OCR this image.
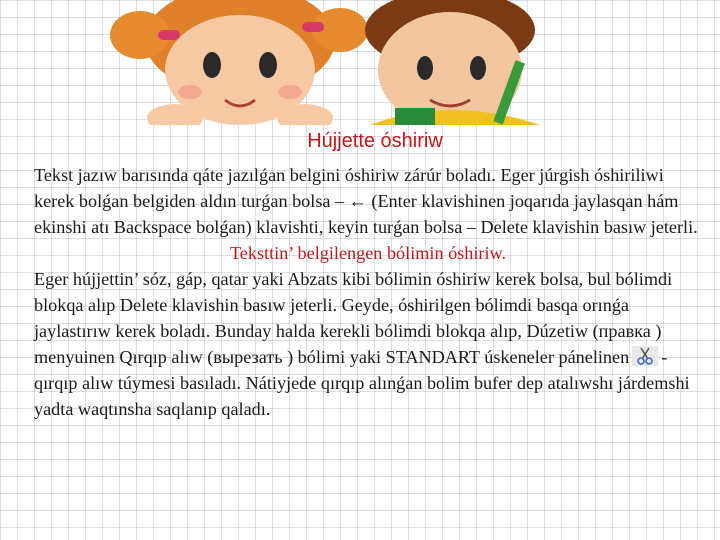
Hújjette óshiriw

Tekst jazıw barısında qáte jazılǵan belgini óshiriw zárúr boladı. Eger júrgish óshiriliwi kerek bolǵan belgiden aldın turǵan bolsa – ← (Enter klavishinen joqarıda jaylasqan hám ekinshi atı Backspace bolǵan) klavishti, keyin turǵan bolsa – Delete klavishin basıw jeterli.

Teksttin’ belgilengen bólimin óshiriw.

Eger hújjettin’ sóz, gáp, qatar yaki Abzats kibi bólimin óshiriw kerek bolsa, bul bólimdi blokqa alıp Delete klavishin basıw jeterli. Geyde, óshirilgen bólimdi basqa orınǵa jaylastırıw kerek boladı. Bunday halda kerekli bólimdi blokqa alıp, Dúzetiw (правка ) menyuinen Qırqıp alıw (вырезать ) bólimi yaki STANDART úskeneler pánelinen - qırqıp alıw túymesi basıladı. Nátiyjede qırqıp alınǵan bolim bufer dep atalıwshı járdemshi yadta waqtınsha saqlanıp qaladı.
